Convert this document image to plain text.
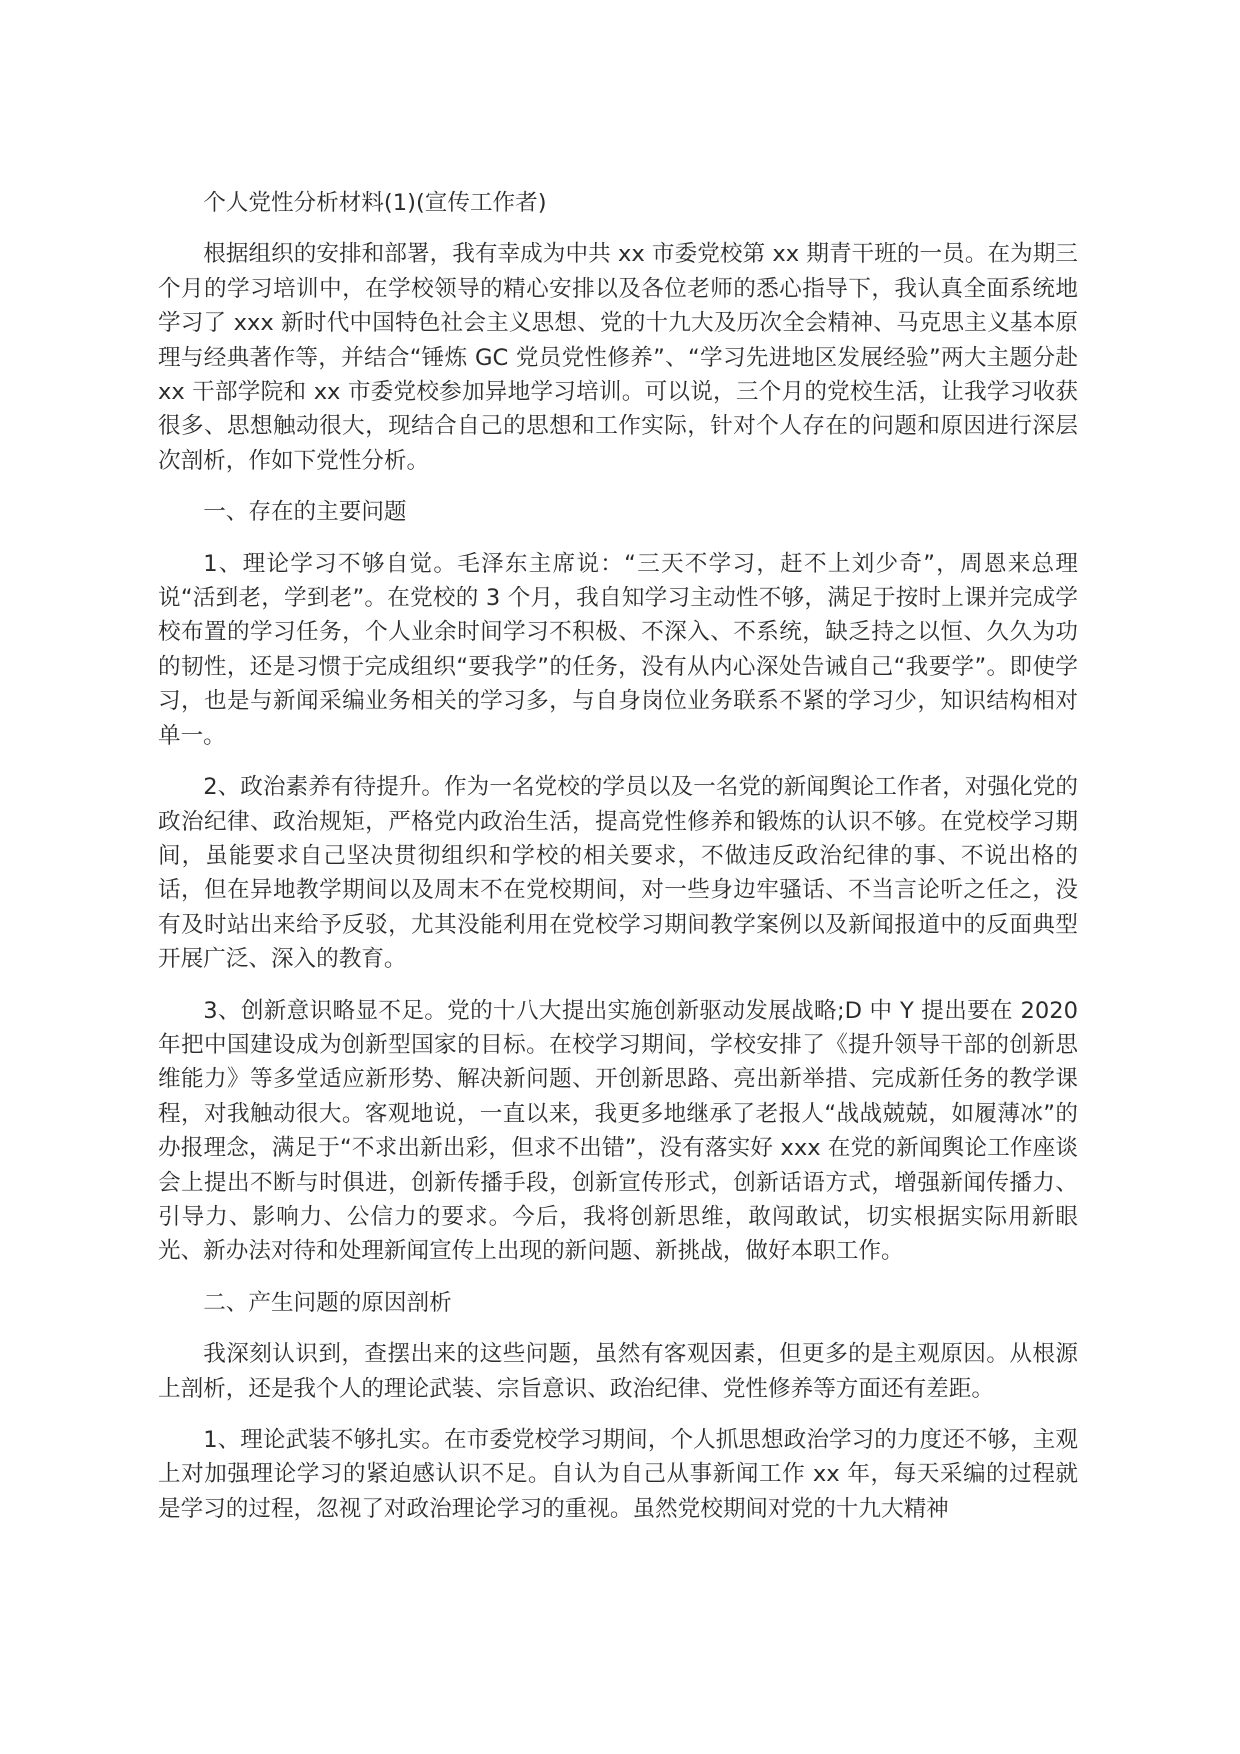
个人党性分析材料(1)(宣传工作者)

根据组织的安排和部署，我有幸成为中共 xx 市委党校第 xx 期青干班的一员。在为期三个月的学习培训中，在学校领导的精心安排以及各位老师的悉心指导下，我认真全面系统地学习了 xxx 新时代中国特色社会主义思想、党的十九大及历次全会精神、马克思主义基本原理与经典著作等，并结合“锤炼 GC 党员党性修养”、“学习先进地区发展经验”两大主题分赴 xx 干部学院和 xx 市委党校参加异地学习培训。可以说，三个月的党校生活，让我学习收获很多、思想触动很大，现结合自己的思想和工作实际，针对个人存在的问题和原因进行深层次剖析，作如下党性分析。

一、存在的主要问题

1、理论学习不够自觉。毛泽东主席说：“三天不学习，赶不上刘少奇”，周恩来总理说“活到老，学到老”。在党校的 3 个月，我自知学习主动性不够，满足于按时上课并完成学校布置的学习任务，个人业余时间学习不积极、不深入、不系统，缺乏持之以恒、久久为功的韧性，还是习惯于完成组织“要我学”的任务，没有从内心深处告诫自己“我要学”。即使学习，也是与新闻采编业务相关的学习多，与自身岗位业务联系不紧的学习少，知识结构相对单一。

2、政治素养有待提升。作为一名党校的学员以及一名党的新闻舆论工作者，对强化党的政治纪律、政治规矩，严格党内政治生活，提高党性修养和锻炼的认识不够。在党校学习期间，虽能要求自己坚决贯彻组织和学校的相关要求，不做违反政治纪律的事、不说出格的话，但在异地教学期间以及周末不在党校期间，对一些身边牢骚话、不当言论听之任之，没有及时站出来给予反驳，尤其没能利用在党校学习期间教学案例以及新闻报道中的反面典型开展广泛、深入的教育。

3、创新意识略显不足。党的十八大提出实施创新驱动发展战略;D 中 Y 提出要在 2020 年把中国建设成为创新型国家的目标。在校学习期间，学校安排了《提升领导干部的创新思维能力》等多堂适应新形势、解决新问题、开创新思路、亮出新举措、完成新任务的教学课程，对我触动很大。客观地说，一直以来，我更多地继承了老报人“战战兢兢，如履薄冰”的办报理念，满足于“不求出新出彩，但求不出错”，没有落实好 xxx 在党的新闻舆论工作座谈会上提出不断与时俱进，创新传播手段，创新宣传形式，创新话语方式，增强新闻传播力、引导力、影响力、公信力的要求。今后，我将创新思维，敢闯敢试，切实根据实际用新眼光、新办法对待和处理新闻宣传上出现的新问题、新挑战，做好本职工作。

二、产生问题的原因剖析

我深刻认识到，查摆出来的这些问题，虽然有客观因素，但更多的是主观原因。从根源上剖析，还是我个人的理论武装、宗旨意识、政治纪律、党性修养等方面还有差距。

1、理论武装不够扎实。在市委党校学习期间，个人抓思想政治学习的力度还不够，主观上对加强理论学习的紧迫感认识不足。自认为自己从事新闻工作 xx 年，每天采编的过程就是学习的过程，忽视了对政治理论学习的重视。虽然党校期间对党的十九大精神
